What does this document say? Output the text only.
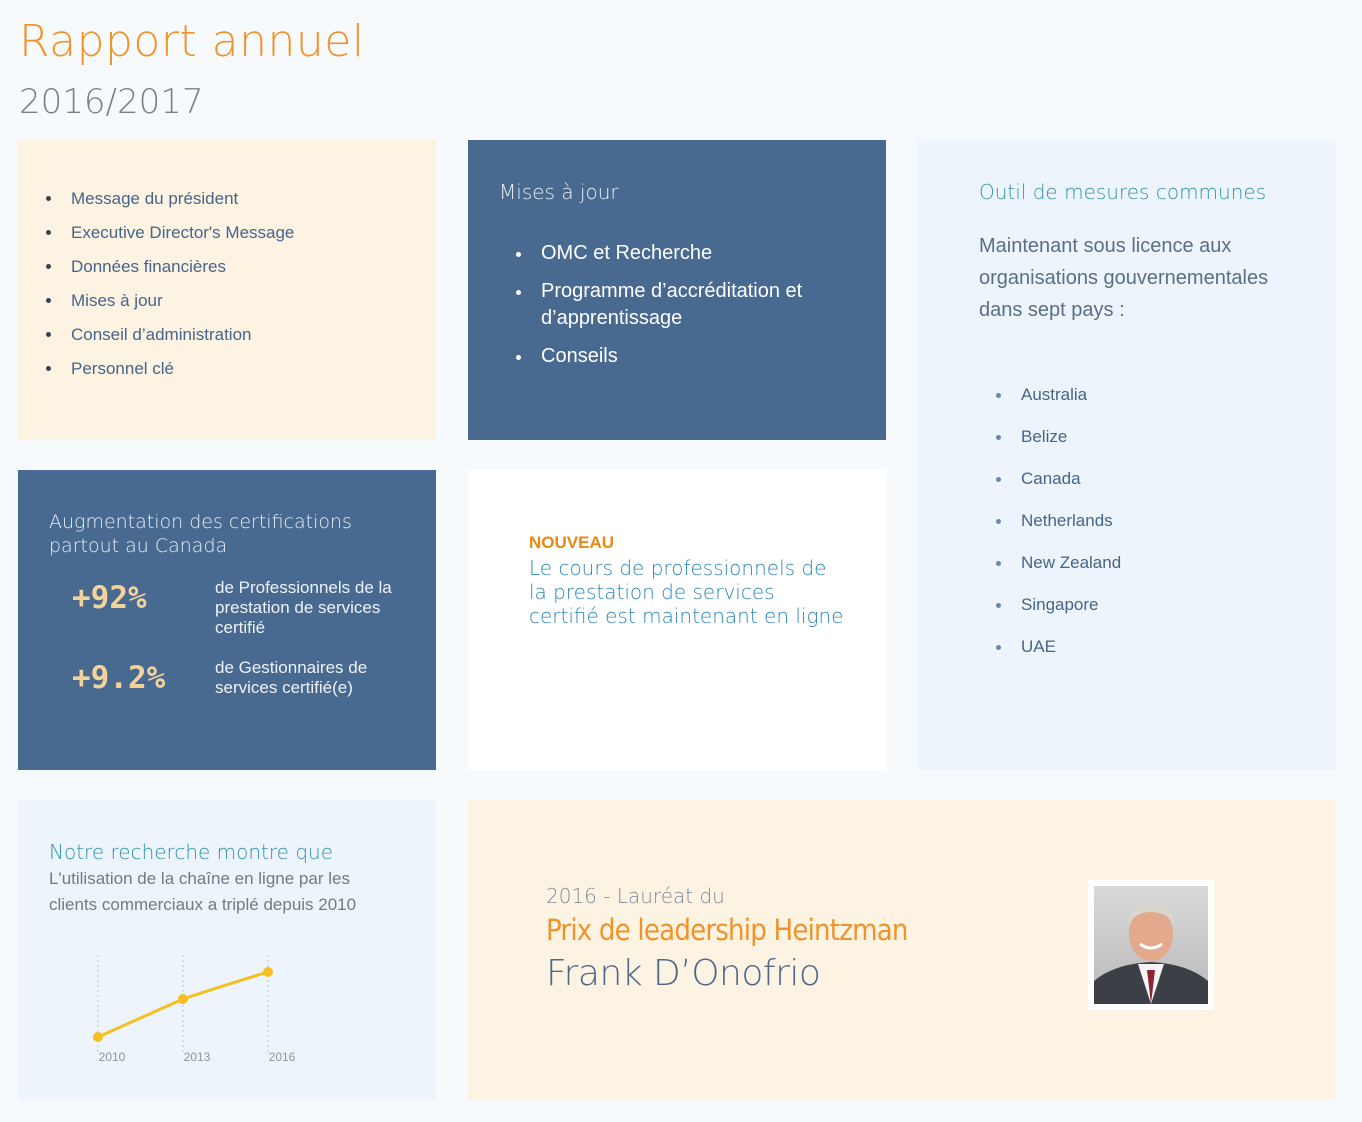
Rapport annuel
2016/2017
Message du président
Executive Director's Message
Données financières
Mises à jour
Conseil d’administration
Personnel clé
Mises à jour
OMC et Recherche
Programme d’accréditation et d’apprentissage
Conseils
Outil de mesures communes
Maintenant sous licence aux organisations gouvernementales dans sept pays :
Australia
Belize
Canada
Netherlands
New Zealand
Singapore
UAE
Augmentation des certifications partout au Canada
+92%	de Professionnels de la prestation de services certifié
+9.2%	de Gestionnaires de services certifié(e)
NOUVEAU
Le cours de professionnels de la prestation de services certifié est maintenant en ligne
Notre recherche montre que
L'utilisation de la chaîne en ligne par les clients commerciaux a triplé depuis 2010
2010	2013	2016
2016 - Lauréat du
Prix de leadership Heintzman
Frank D’Onofrio
